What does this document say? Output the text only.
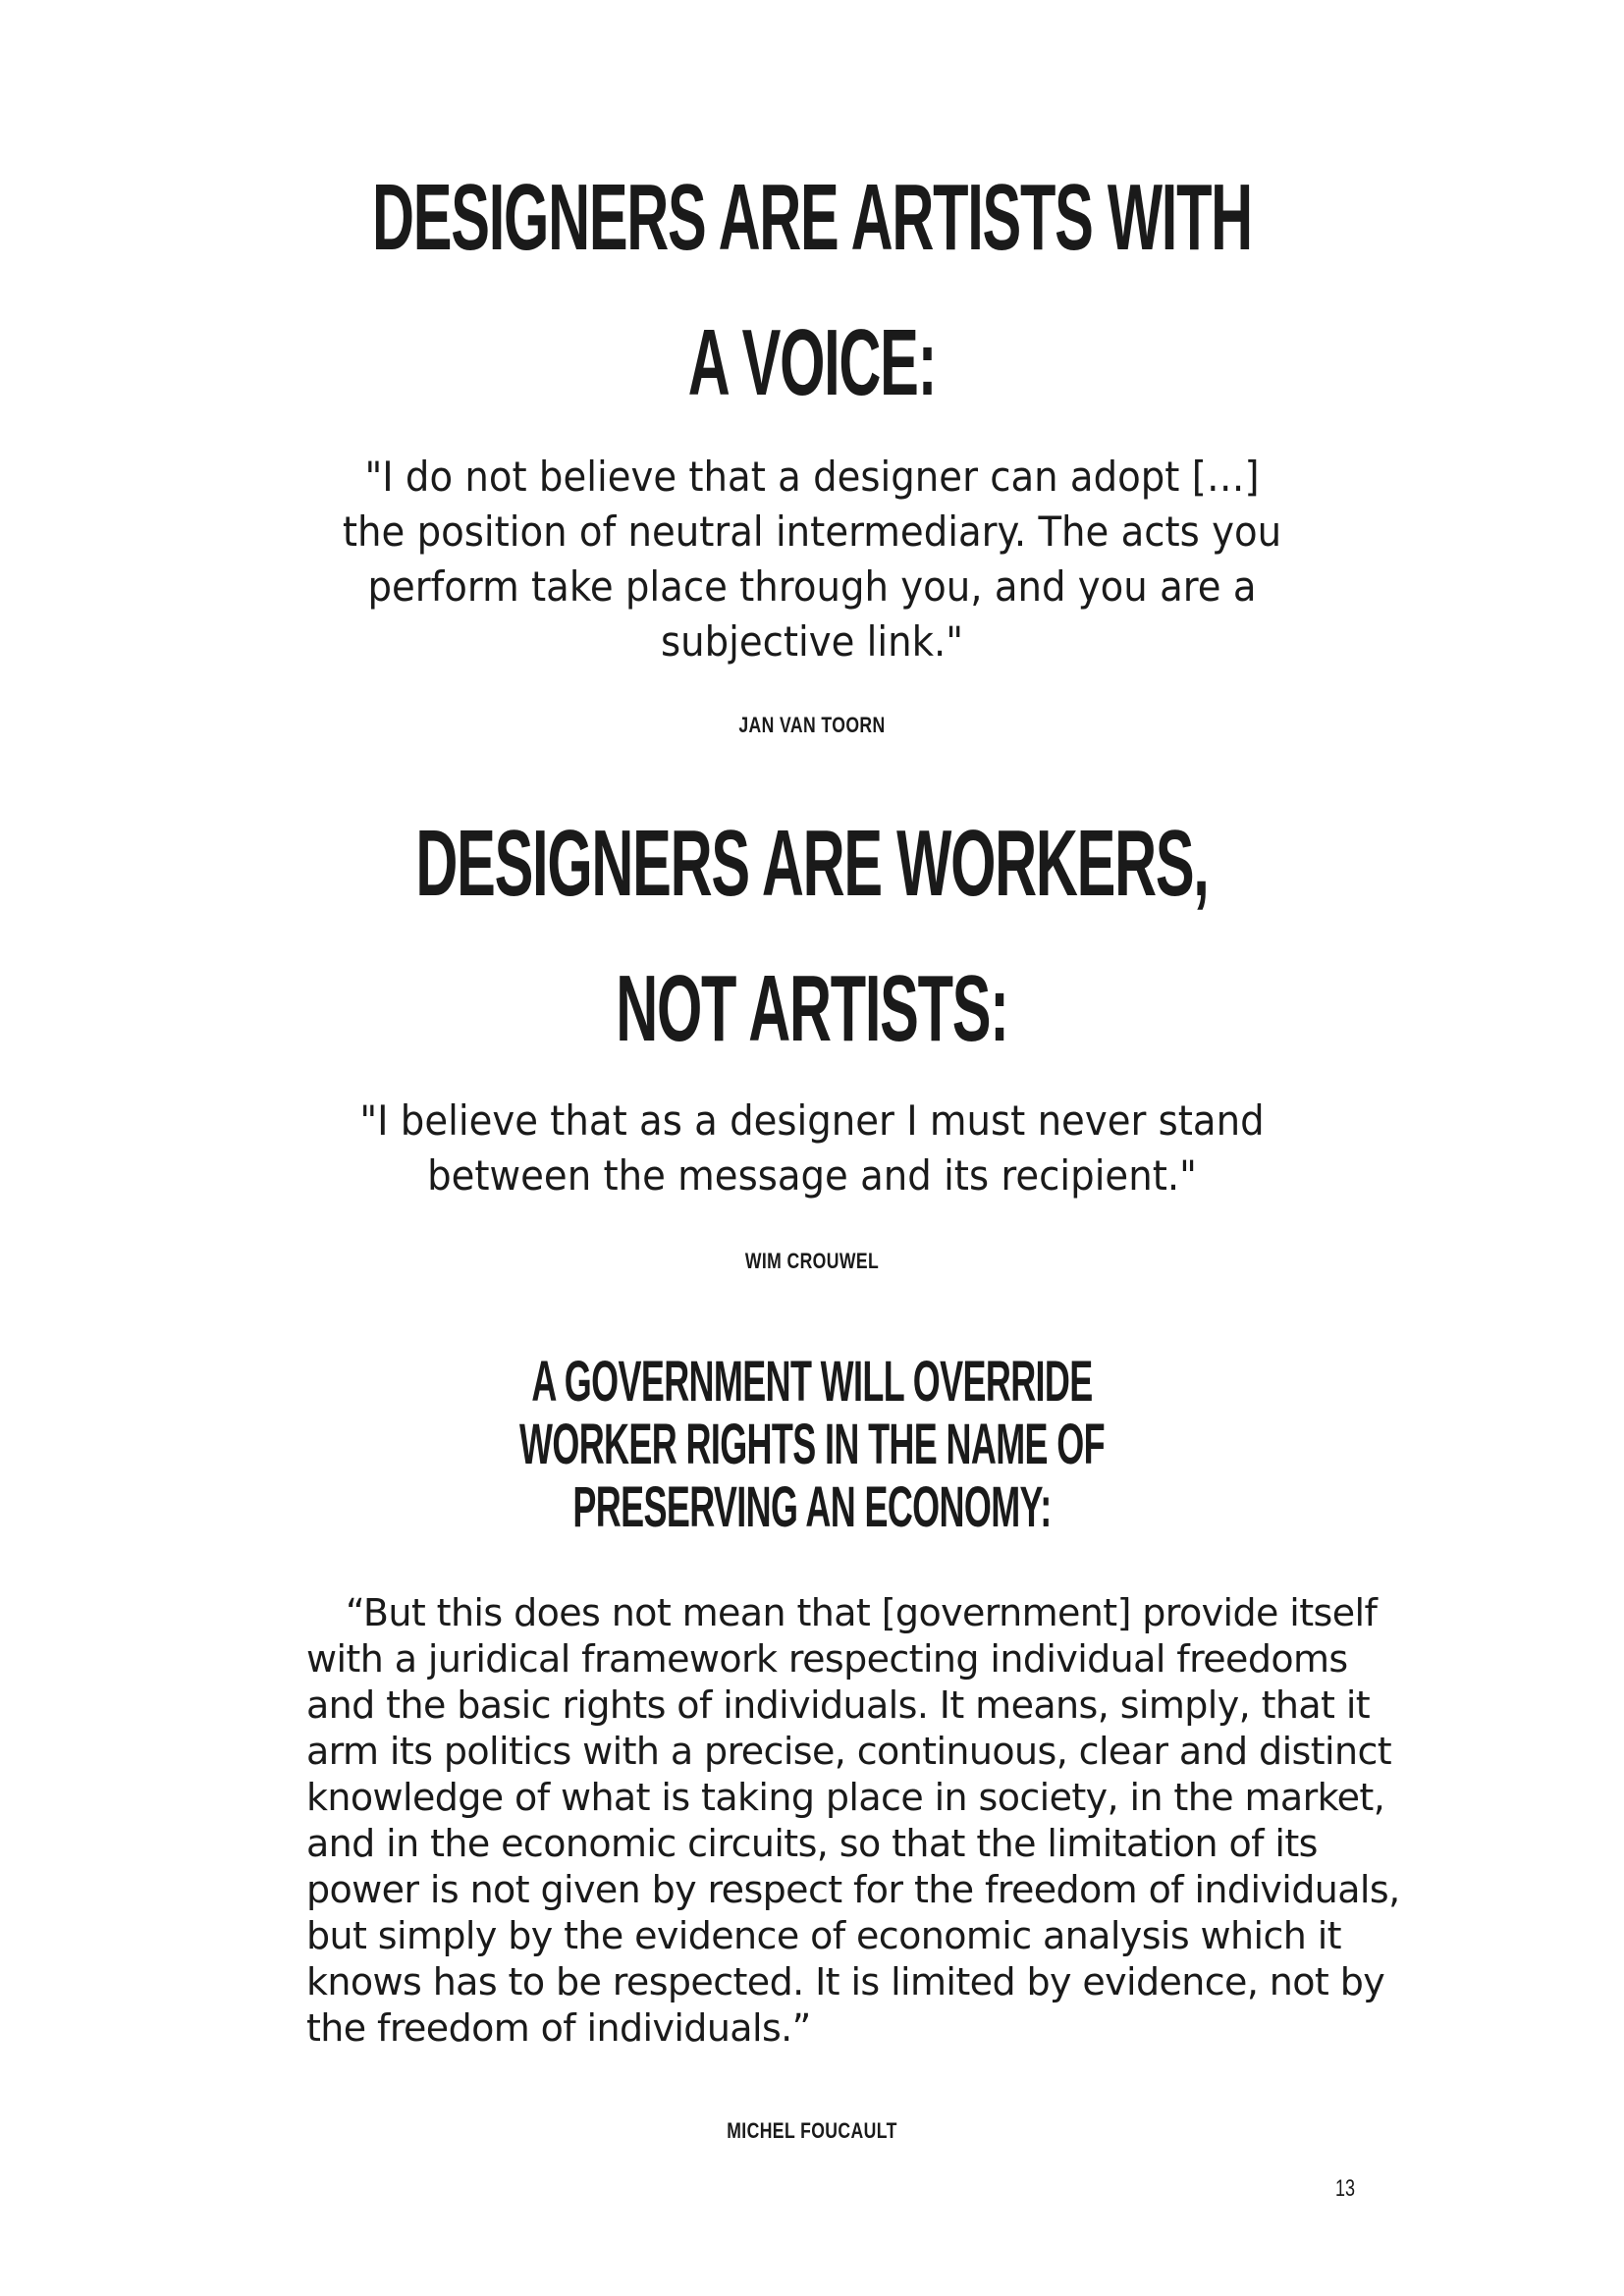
DESIGNERS ARE ARTISTS WITH
A VOICE:
"I do not believe that a designer can adopt […]
the position of neutral intermediary. The acts you
perform take place through you, and you are a
subjective link."

JAN VAN TOORN

DESIGNERS ARE WORKERS,
NOT ARTISTS:
"I believe that as a designer I must never stand
between the message and its recipient."

WIM CROUWEL

A GOVERNMENT WILL OVERRIDE
WORKER RIGHTS IN THE NAME OF
PRESERVING AN ECONOMY:
“But this does not mean that [government] provide itself
with a juridical framework respecting individual freedoms
and the basic rights of individuals. It means, simply, that it
arm its politics with a precise, continuous, clear and distinct
knowledge of what is taking place in society, in the market,
and in the economic circuits, so that the limitation of its
power is not given by respect for the freedom of individuals,
but simply by the evidence of economic analysis which it
knows has to be respected. It is limited by evidence, not by
the freedom of individuals.”

MICHEL FOUCAULT

13
